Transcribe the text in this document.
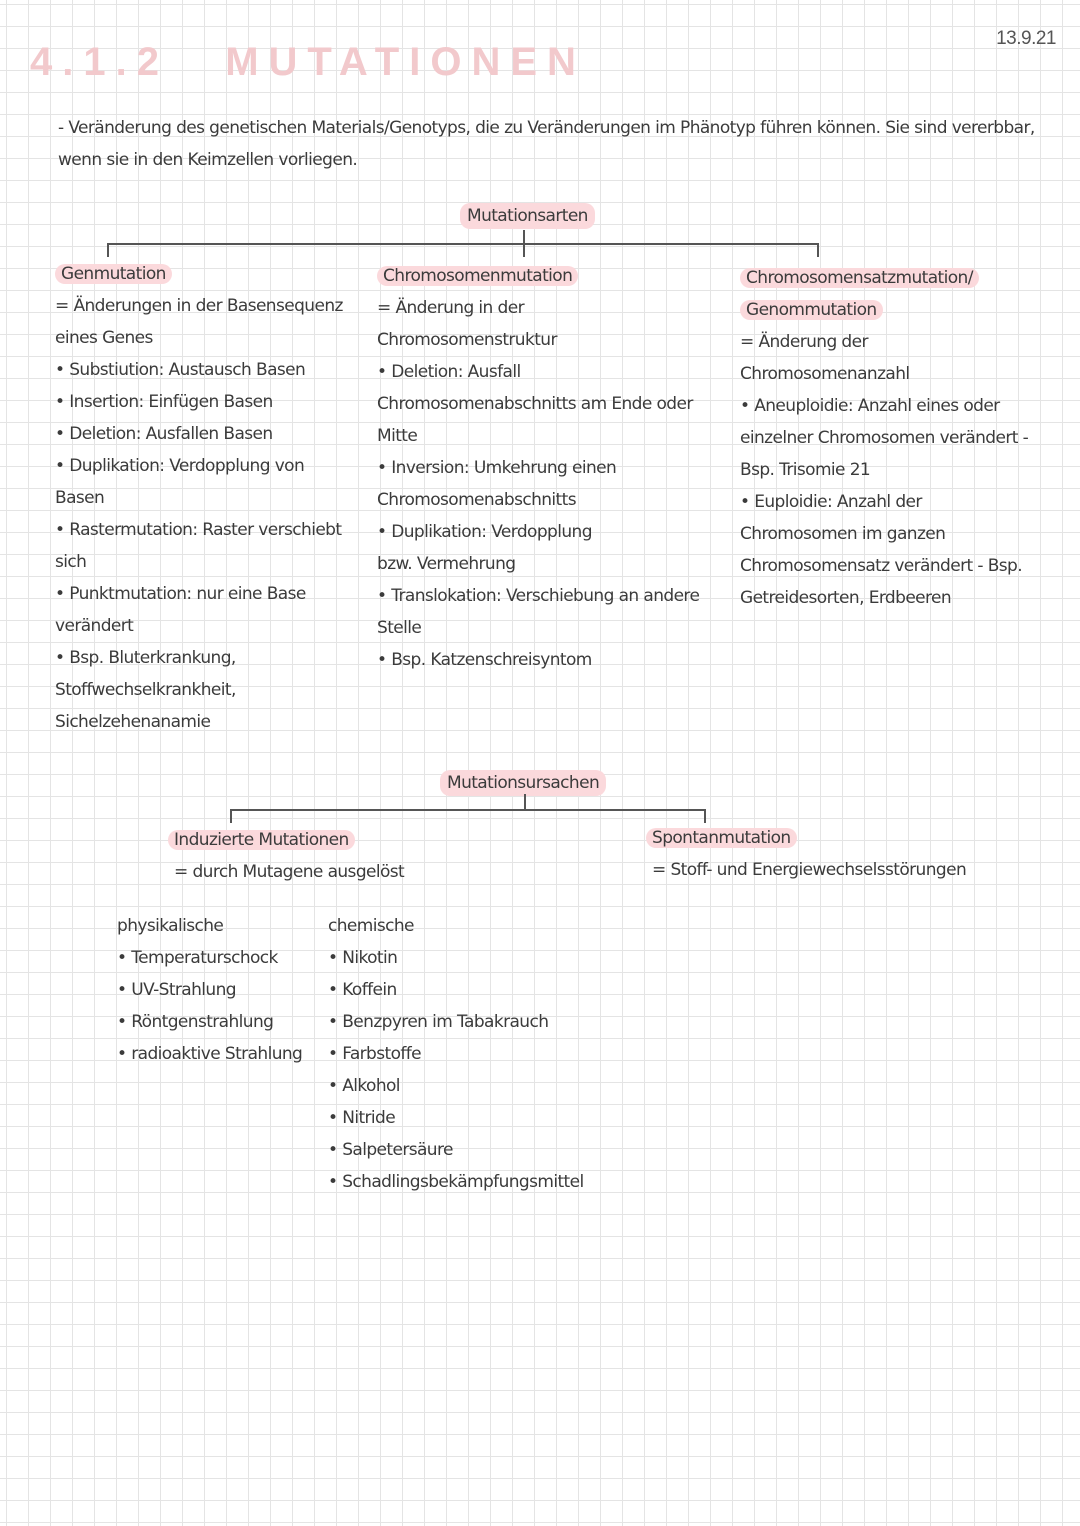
13.9.21
4.1.2 MUTATIONEN
- Veränderung des genetischen Materials/Genotyps, die zu Veränderungen im Phänotyp führen können. Sie sind vererbbar, wenn sie in den Keimzellen vorliegen.
Mutationsarten
Genmutation
= Änderungen in der Basensequenz eines Genes
• Substiution: Austausch Basen
• Insertion: Einfügen Basen
• Deletion: Ausfallen Basen
• Duplikation: Verdopplung von Basen
• Rastermutation: Raster verschiebt sich
• Punktmutation: nur eine Base verändert
• Bsp. Bluterkrankung, Stoffwechselkrankheit, Sichelzehenanamie
Chromosomenmutation
= Änderung in der Chromosomenstruktur
• Deletion: Ausfall Chromosomenabschnitts am Ende oder Mitte
• Inversion: Umkehrung einen Chromosomenabschnitts
• Duplikation: Verdopplung bzw. Vermehrung
• Translokation: Verschiebung an andere Stelle
• Bsp. Katzenschreisyntom
Chromosomensatzmutation/
Genommutation
= Änderung der Chromosomenanzahl
• Aneuploidie: Anzahl eines oder einzelner Chromosomen verändert - Bsp. Trisomie 21
• Euploidie: Anzahl der Chromosomen im ganzen Chromosomensatz verändert - Bsp. Getreidesorten, Erdbeeren
Mutationsursachen
Induzierte Mutationen
= durch Mutagene ausgelöst
Spontanmutation
= Stoff- und Energiewechselsstörungen
physikalische
• Temperaturschock
• UV-Strahlung
• Röntgenstrahlung
• radioaktive Strahlung
chemische
• Nikotin
• Koffein
• Benzpyren im Tabakrauch
• Farbstoffe
• Alkohol
• Nitride
• Salpetersäure
• Schadlingsbekämpfungsmittel
